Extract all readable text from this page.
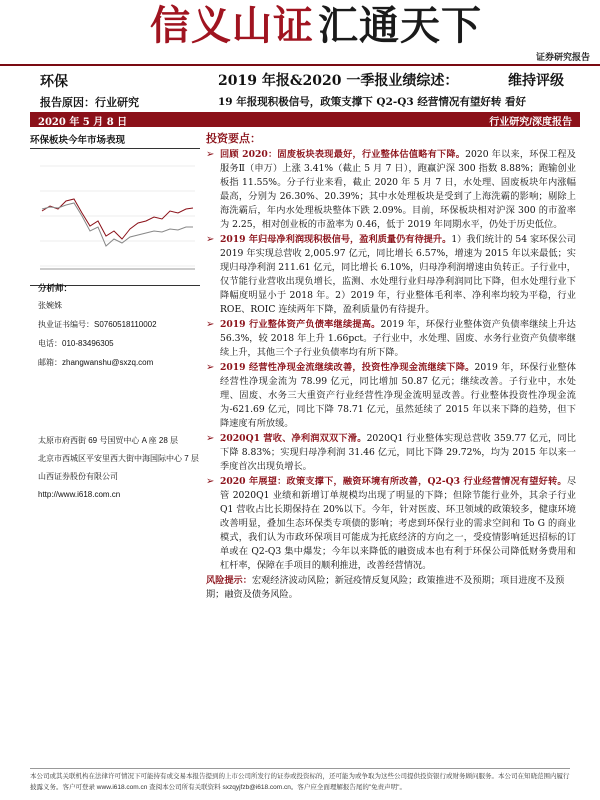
信义山证 汇通天下
证券研究报告
环保	2019 年报&2020 一季报业绩综述：	维持评级
报告原因：行业研究	19 年报现积极信号，政策支撑下 Q2-Q3 经营情况有望好转 看好
2020 年 5 月 8 日	行业研究/深度报告
环保板块今年市场表现
分析师：
张婉姝
执业证书编号：S0760518110002
电话：010-83496305
邮箱：zhangwanshu@sxzq.com
太原市府西街 69 号国贸中心 A 座 28 层
北京市西城区平安里西大街中海国际中心 7 层
山西证券股份有限公司
http://www.i618.com.cn
投资要点：
➢ 回顾 2020：固废板块表现最好，行业整体估值略有下降。2020 年以来，环保工程及服务Ⅱ（申万）上涨 3.41%（截止 5 月 7 日），跑赢沪深 300 指数 8.88%；跑输创业板指 11.55%。分子行业来看，截止 2020 年 5 月 7 日，水处理、固废板块年内涨幅最高，分别为 26.30%、20.39%；其中水处理板块是受到了上海洗霸的影响；剔除上海洗霸后，年内水处理板块整体下跌 2.09%。目前，环保板块相对沪深 300 的市盈率为 2.25，相对创业板的市盈率为 0.46，低于 2019 年同期水平，仍处于历史低位。
➢ 2019 年归母净利润现积极信号，盈利质量仍有待提升。1）我们统计的 54 家环保公司 2019 年实现总营收 2,005.97 亿元，同比增长 6.57%，增速为 2015 年以来最低；实现归母净利润 211.61 亿元，同比增长 6.10%，归母净利润增速由负转正。子行业中，仅节能行业营收出现负增长，监测、水处理行业归母净利润同比下降，但水处理行业下降幅度明显小于 2018 年。2）2019 年，行业整体毛利率、净利率均较为平稳，行业 ROE、ROIC 连续两年下降，盈利质量仍有待提升。
➢ 2019 行业整体资产负债率继续提高。2019 年，环保行业整体资产负债率继续上升达 56.3%，较 2018 年上升 1.66pct。子行业中，水处理、固废、水务行业资产负债率继续上升，其他三个子行业负债率均有所下降。
➢ 2019 经营性净现金流继续改善，投资性净现金流继续下降。2019 年，环保行业整体经营性净现金流为 78.99 亿元，同比增加 50.87 亿元；继续改善。子行业中，水处理、固废、水务三大重资产行业经营性净现金流明显改善。行业整体投资性净现金流为-621.69 亿元，同比下降 78.71 亿元，虽然延续了 2015 年以来下降的趋势，但下降速度有所放缓。
➢ 2020Q1 营收、净利润双双下滑。2020Q1 行业整体实现总营收 359.77 亿元，同比下降 8.83%；实现归母净利润 31.46 亿元，同比下降 29.72%，均为 2015 年以来一季度首次出现负增长。
➢ 2020 年展望：政策支撑下，融资环境有所改善，Q2-Q3 行业经营情况有望好转。尽管 2020Q1 业绩和新增订单规模均出现了明显的下降；但除节能行业外，其余子行业 Q1 营收占比长期保持在 20%以下。今年，针对医废、环卫领域的政策较多，健康环境改善明显，叠加生态环保类专项债的影响；考虑到环保行业的需求空间和 To G 的商业模式，我们认为市政环保项目可能成为托底经济的方向之一，受疫情影响延迟招标的订单或在 Q2-Q3 集中爆发；今年以来降低的融资成本也有利于环保公司降低财务费用和杠杆率，保障在手项目的顺利推进，改善经营情况。
风险提示：宏观经济波动风险；新冠疫情反复风险；政策推进不及预期；项目进度不及预期；融资及债务风险。
本公司或其关联机构在法律许可情况下可能持有或交易本报告提到的上市公司所发行的证券或投资标的，还可能为或争取为这些公司提供投资银行或财务顾问服务。本公司在知晓范围内履行披露义务。客户可登录 www.i618.com.cn 查阅本公司所有关联资料 sxzqyjfzb@i618.com.cn。客户应全面理解报告尾的"免责声明"。
